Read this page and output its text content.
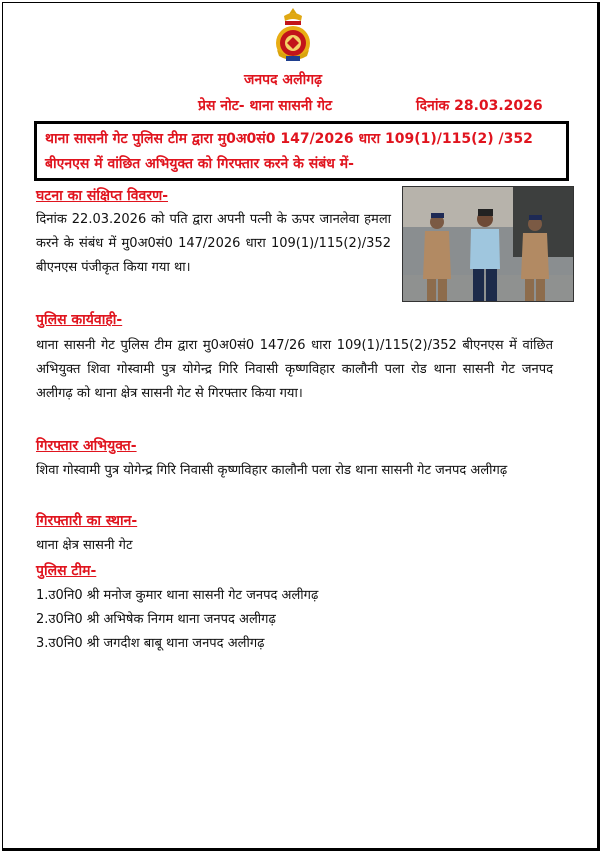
जनपद अलीगढ़
प्रेस नोट- थाना सासनी गेट	दिनांक 28.03.2026
थाना सासनी गेट पुलिस टीम द्वारा मु0अ0सं0 147/2026 धारा 109(1)/115(2) /352 बीएनएस में वांछित अभियुक्त को गिरफ्तार करने के संबंध में-
घटना का संक्षिप्त विवरण-
दिनांक 22.03.2026 को पति द्वारा अपनी पत्नी के ऊपर जानलेवा हमला करने के संबंध में मु0अ0सं0 147/2026 धारा 109(1)/115(2)/352 बीएनएस पंजीकृत किया गया था।
पुलिस कार्यवाही-
थाना सासनी गेट पुलिस टीम द्वारा मु0अ0सं0 147/26 धारा 109(1)/115(2)/352 बीएनएस में वांछित अभियुक्त शिवा गोस्वामी पुत्र योगेन्द्र गिरि निवासी कृष्णविहार कालौनी पला रोड थाना सासनी गेट जनपद अलीगढ़ को थाना क्षेत्र सासनी गेट से गिरफ्तार किया गया।
गिरफ्तार अभियुक्त-
शिवा गोस्वामी पुत्र योगेन्द्र गिरि निवासी कृष्णविहार कालौनी पला रोड थाना सासनी गेट जनपद अलीगढ़
गिरफ्तारी का स्थान-
थाना क्षेत्र सासनी गेट
पुलिस टीम-
1.उ0नि0 श्री मनोज कुमार थाना सासनी गेट जनपद अलीगढ़
2.उ0नि0 श्री अभिषेक निगम थाना जनपद अलीगढ़
3.उ0नि0 श्री जगदीश बाबू थाना जनपद अलीगढ़
